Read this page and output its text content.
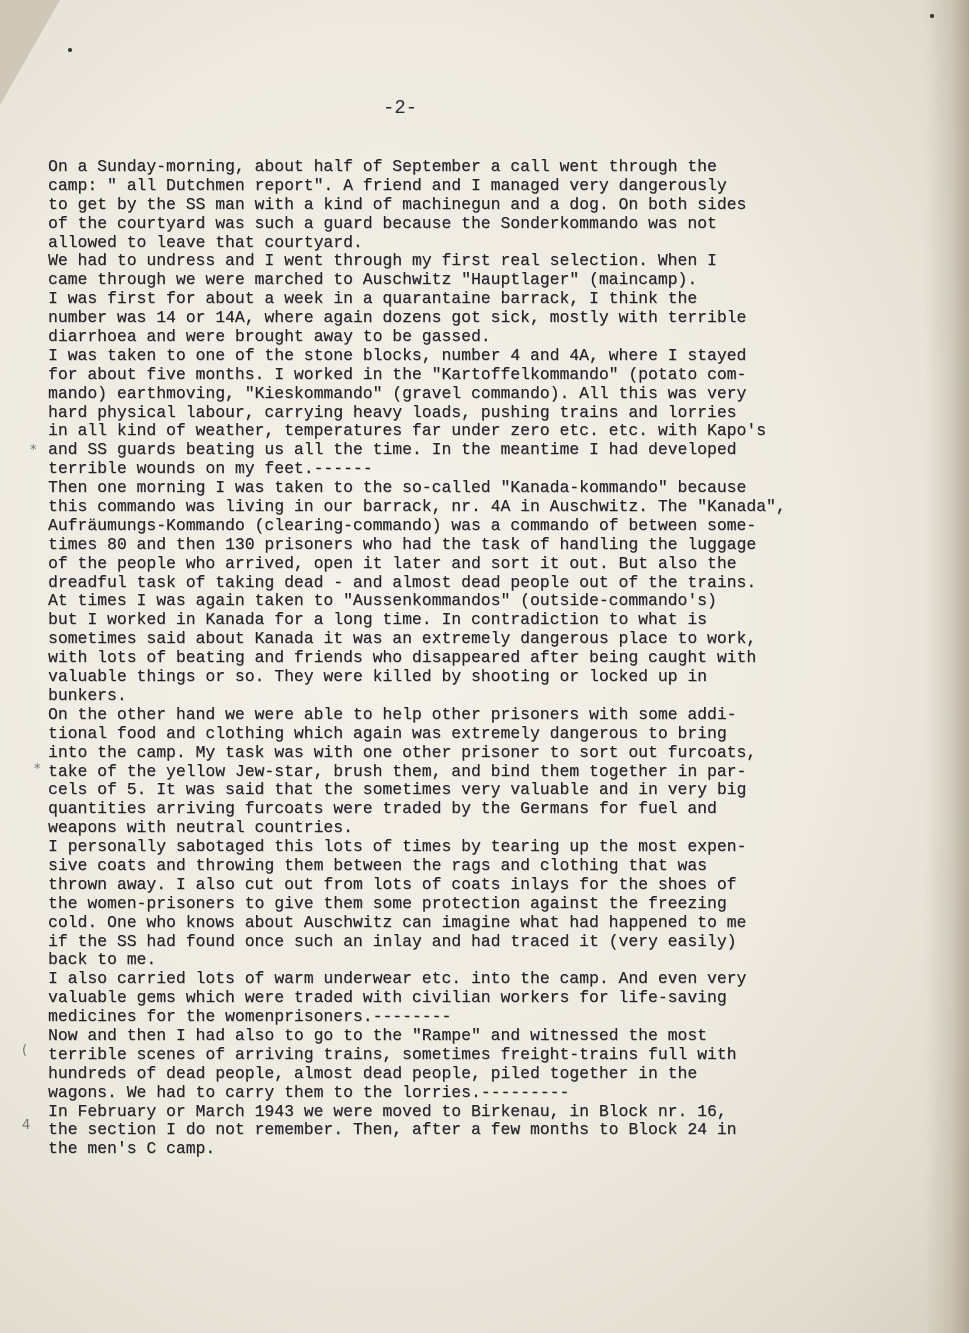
-2-
*
*
(
4
On a Sunday-morning, about half of September a call went through the
camp: " all Dutchmen report". A friend and I managed very dangerously
to get by the SS man with a kind of machinegun and a dog. On both sides
of the courtyard was such a guard because the Sonderkommando was not
allowed to leave that courtyard.
We had to undress and I went through my first real selection. When I
came through we were marched to Auschwitz "Hauptlager" (maincamp).
I was first for about a week in a quarantaine barrack, I think the
number was 14 or 14A, where again dozens got sick, mostly with terrible
diarrhoea and were brought away to be gassed.
I was taken to one of the stone blocks, number 4 and 4A, where I stayed
for about five months. I worked in the "Kartoffelkommando" (potato com-
mando) earthmoving, "Kieskommando" (gravel commando). All this was very
hard physical labour, carrying heavy loads, pushing trains and lorries
in all kind of weather, temperatures far under zero etc. etc. with Kapo's
and SS guards beating us all the time. In the meantime I had developed
terrible wounds on my feet.------
Then one morning I was taken to the so-called "Kanada-kommando" because
this commando was living in our barrack, nr. 4A in Auschwitz. The "Kanada",
Aufräumungs-Kommando (clearing-commando) was a commando of between some-
times 80 and then 130 prisoners who had the task of handling the luggage
of the people who arrived, open it later and sort it out. But also the
dreadful task of taking dead - and almost dead people out of the trains.
At times I was again taken to "Aussenkommandos" (outside-commando's)
but I worked in Kanada for a long time. In contradiction to what is
sometimes said about Kanada it was an extremely dangerous place to work,
with lots of beating and friends who disappeared after being caught with
valuable things or so. They were killed by shooting or locked up in
bunkers.
On the other hand we were able to help other prisoners with some addi-
tional food and clothing which again was extremely dangerous to bring
into the camp. My task was with one other prisoner to sort out furcoats,
take of the yellow Jew-star, brush them, and bind them together in par-
cels of 5. It was said that the sometimes very valuable and in very big
quantities arriving furcoats were traded by the Germans for fuel and
weapons with neutral countries.
I personally sabotaged this lots of times by tearing up the most expen-
sive coats and throwing them between the rags and clothing that was
thrown away. I also cut out from lots of coats inlays for the shoes of
the women-prisoners to give them some protection against the freezing
cold. One who knows about Auschwitz can imagine what had happened to me
if the SS had found once such an inlay and had traced it (very easily)
back to me.
I also carried lots of warm underwear etc. into the camp. And even very
valuable gems which were traded with civilian workers for life-saving
medicines for the womenprisoners.--------
Now and then I had also to go to the "Rampe" and witnessed the most
terrible scenes of arriving trains, sometimes freight-trains full with
hundreds of dead people, almost dead people, piled together in the
wagons. We had to carry them to the lorries.---------
In February or March 1943 we were moved to Birkenau, in Block nr. 16,
the section I do not remember. Then, after a few months to Block 24 in
the men's C camp.
